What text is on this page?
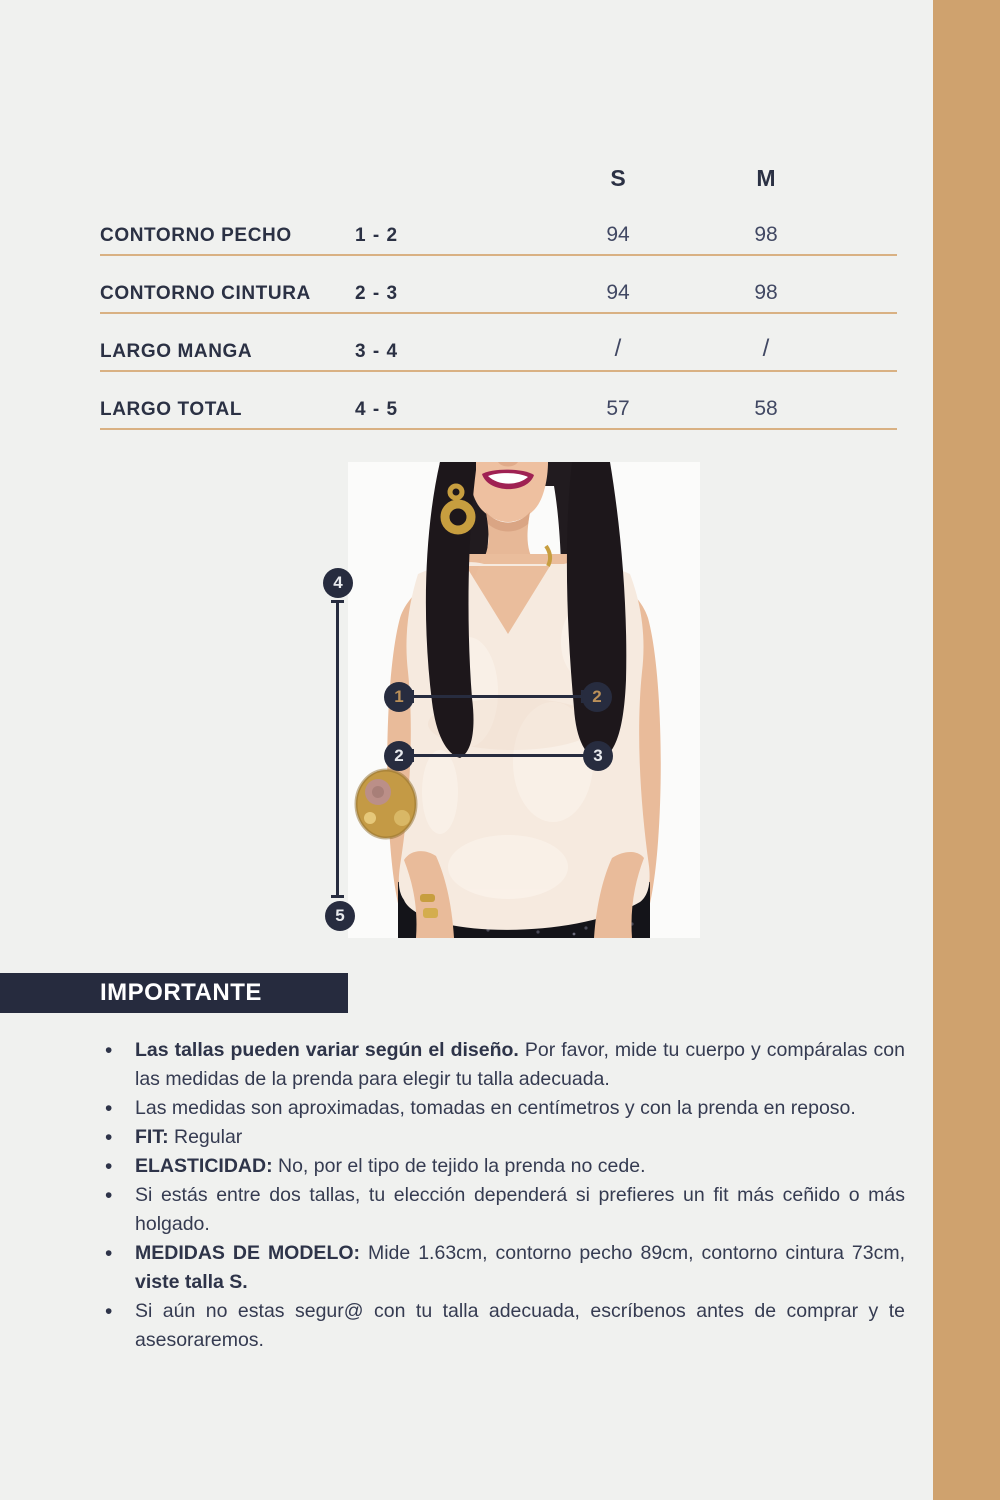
S	M
CONTORNO PECHO	1 - 2	94	98
CONTORNO CINTURA	2 - 3	94	98
LARGO MANGA	3 - 4	/	/
LARGO TOTAL	4 - 5	57	58
4
5
1	2
2	3
IMPORTANTE
•	Las tallas pueden variar según el diseño. Por favor, mide tu cuerpo y compáralas con las medidas de la prenda para elegir tu talla adecuada.
•	Las medidas son aproximadas, tomadas en centímetros y con la prenda en reposo.
•	FIT: Regular
•	ELASTICIDAD: No, por el tipo de tejido la prenda no cede.
•	Si estás entre dos tallas, tu elección dependerá si prefieres un fit más ceñido o más holgado.
•	MEDIDAS DE MODELO: Mide 1.63cm, contorno pecho 89cm, contorno cintura 73cm, viste talla S.
•	Si aún no estas segur@ con tu talla adecuada, escríbenos antes de comprar y te asesoraremos.
